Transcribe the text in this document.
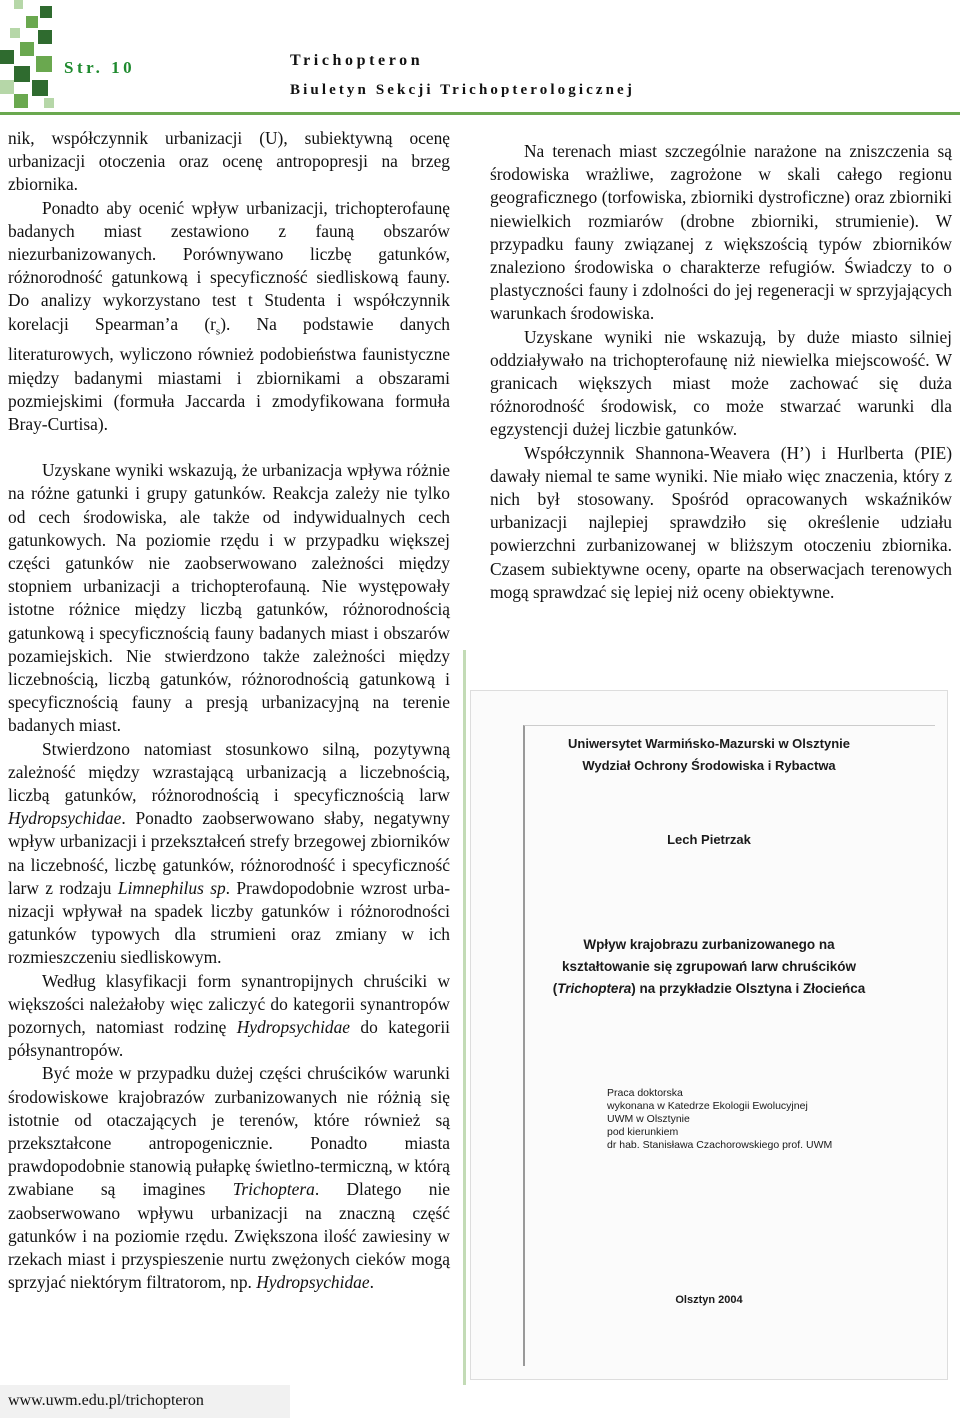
Str. 10	Trichopteron
Biuletyn Sekcji Trichopterologicznej

nik, współczynnik urbanizacji (U), subiektywną ocenę urbanizacji otoczenia oraz ocenę antropopresji na brzeg zbiornika.

Ponadto aby ocenić wpływ urbanizacji, trichopterofaunę badanych miast zestawiono z fauną obszarów niezurbanizowanych. Porównywano liczbę gatunków, różnorodność gatunkową i specyficzność siedliskową fauny. Do analizy wykorzystano test t Studenta i współczynnik korelacji Spearman’a $(r_s)$. Na podstawie danych literaturowych, wyliczono również podobieństwa faunistyczne między badanymi miastami i zbiornikami a obszarami pozmiejskimi (formuła Jaccarda i zmodyfikowana formuła Bray-Curtisa).

Uzyskane wyniki wskazują, że urbanizacja wpływa różnie na różne gatunki i grupy gatunków. Reakcja zależy nie tylko od cech środowiska, ale także od indywidualnych cech gatunkowych. Na poziomie rzędu i w przypadku większej części gatunków nie zaobserwowano zależności między stopniem urbanizacji a trichopterofauną. Nie występowały istotne różnice między liczbą gatunków, różnorodnością gatunkową i specyficznością fauny badanych miast i obszarów pozamiejskich. Nie stwierdzono także zależności między liczebnością, liczbą gatunków, różnorodnością gatunkową i specyficznością fauny a presją urbanizacyjną na terenie badanych miast.

Stwierdzono natomiast stosunkowo silną, pozytywną zależność między wzrastającą urbanizacją a liczebnością, liczbą gatunków, różnorodnością i specyficznością larw Hydropsychidae. Ponadto zaobserwowano słaby, negatywny wpływ urbanizacji i przekształceń strefy brzegowej zbiorników na liczebność, liczbę gatunków, różnorodność i specyficzność larw z rodzaju Limnephilus sp. Prawdopodobnie wzrost urbanizacji wpływał na spadek liczby gatunków i różnorodności gatunków typowych dla strumieni oraz zmiany w ich rozmieszczeniu siedliskowym.

Według klasyfikacji form synantropijnych chruściki w większości należałoby więc zaliczyć do kategorii synantropów pozornych, natomiast rodzinę Hydropsychidae do kategorii półsynantropów.

Być może w przypadku dużej części chruścików warunki środowiskowe krajobrazów zurbanizowanych nie różnią się istotnie od otaczających je terenów, które również są przekształcone antropogenicznie. Ponadto miasta prawdopodobnie stanowią pułapkę świetlno-termiczną, w którą zwabiane są imagines Trichoptera. Dlatego nie zaobserwowano wpływu urbanizacji na znaczną część gatunków i na poziomie rzędu. Zwiększona ilość zawiesiny w rzekach miast i przyspieszenie nurtu zwężonych cieków mogą sprzyjać niektórym filtratorom, np. Hydropsychidae.

Na terenach miast szczególnie narażone na zniszczenia są środowiska wrażliwe, zagrożone w skali całego regionu geograficznego (torfowiska, zbiorniki dystroficzne) oraz zbiorniki niewielkich rozmiarów (drobne zbiorniki, strumienie). W przypadku fauny związanej z większością typów zbiorników znaleziono środowiska o charakterze refugiów. Świadczy to o plastyczności fauny i zdolności do jej regeneracji w sprzyjających warunkach środowiska.

Uzyskane wyniki nie wskazują, by duże miasto silniej oddziaływało na trichopterofaunę niż niewielka miejscowość. W granicach większych miast może zachować się duża różnorodność środowisk, co może stwarzać warunki dla egzystencji dużej liczbie gatunków.

Współczynnik Shannona-Weavera (H’) i Hurlberta (PIE) dawały niemal te same wyniki. Nie miało więc znaczenia, który z nich był stosowany. Spośród opracowanych wskaźników urbanizacji najlepiej sprawdziło się określenie udziału powierzchni zurbanizowanej w bliższym otoczeniu zbiornika. Czasem subiektywne oceny, oparte na obserwacjach terenowych mogą sprawdzać się lepiej niż oceny obiektywne.

Uniwersytet Warmińsko-Mazurski w Olsztynie
Wydział Ochrony Środowiska i Rybactwa
Lech Pietrzak
Wpływ krajobrazu zurbanizowanego na
kształtowanie się zgrupowań larw chruścików
(Trichoptera) na przykładzie Olsztyna i Złocieńca
Praca doktorska
wykonana w Katedrze Ekologii Ewolucyjnej
UWM w Olsztynie
pod kierunkiem
dr hab. Stanisława Czachorowskiego prof. UWM
Olsztyn 2004
www.uwm.edu.pl/trichopteron
